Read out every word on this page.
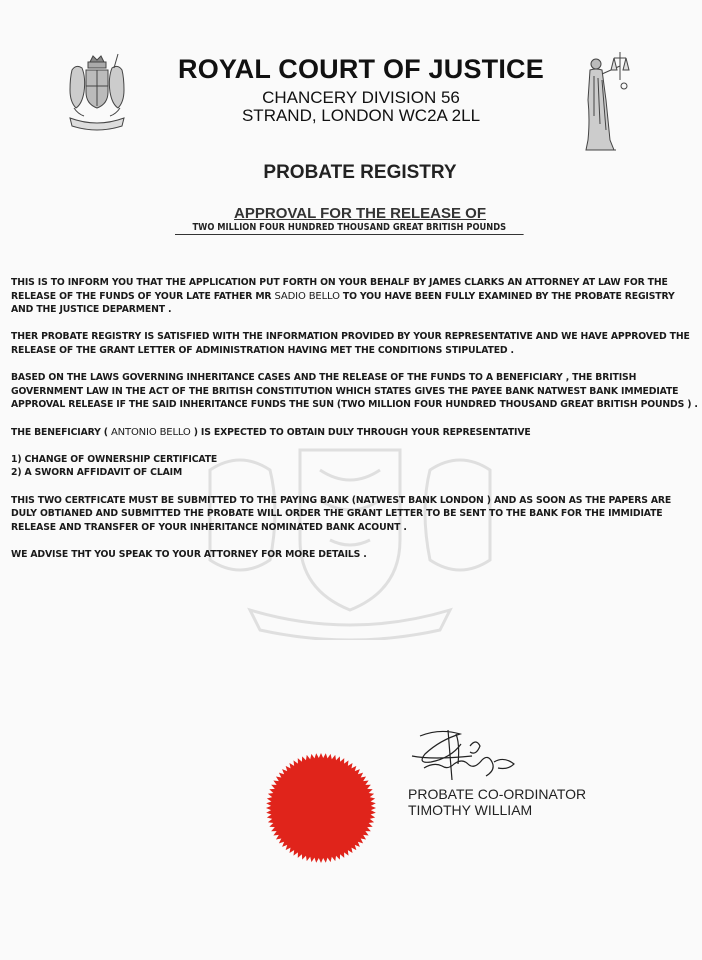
ROYAL COURT OF JUSTICE
CHANCERY DIVISION 56
STRAND, LONDON WC2A 2LL
PROBATE REGISTRY
APPROVAL FOR THE RELEASE OF
TWO MILLION FOUR HUNDRED THOUSAND GREAT BRITISH POUNDS

THIS IS TO INFORM YOU THAT THE APPLICATION PUT FORTH ON YOUR BEHALF BY JAMES CLARKS AN ATTORNEY AT LAW FOR THE RELEASE OF THE FUNDS OF YOUR LATE FATHER MR SADIO BELLO TO YOU HAVE BEEN FULLY EXAMINED BY THE PROBATE REGISTRY AND THE JUSTICE DEPARMENT .

THER PROBATE REGISTRY IS SATISFIED WITH THE INFORMATION PROVIDED BY YOUR REPRESENTATIVE AND WE HAVE APPROVED THE RELEASE OF THE GRANT LETTER OF ADMINISTRATION HAVING MET THE CONDITIONS STIPULATED .

BASED ON THE LAWS GOVERNING INHERITANCE CASES AND THE RELEASE OF THE FUNDS TO A BENEFICIARY , THE BRITISH GOVERNMENT LAW IN THE ACT OF THE BRITISH CONSTITUTION WHICH STATES GIVES THE PAYEE BANK NATWEST BANK IMMEDIATE APPROVAL RELEASE IF THE SAID INHERITANCE FUNDS THE SUN (TWO MILLION FOUR HUNDRED THOUSAND GREAT BRITISH POUNDS ) .

THE BENEFICIARY ( ANTONIO BELLO ) IS EXPECTED TO OBTAIN DULY THROUGH YOUR REPRESENTATIVE

1) CHANGE OF OWNERSHIP CERTIFICATE
2) A SWORN AFFIDAVIT OF CLAIM

THIS TWO CERTFICATE MUST BE SUBMITTED TO THE PAYING BANK (NATWEST BANK LONDON ) AND AS SOON AS THE PAPERS ARE DULY OBTIANED AND SUBMITTED THE PROBATE WILL ORDER THE GRANT LETTER TO BE SENT TO THE BANK FOR THE IMMIDIATE RELEASE AND TRANSFER OF YOUR INHERITANCE NOMINATED BANK ACOUNT .

WE ADVISE THT YOU SPEAK TO YOUR ATTORNEY FOR MORE DETAILS .

PROBATE CO-ORDINATOR
TIMOTHY WILLIAM
